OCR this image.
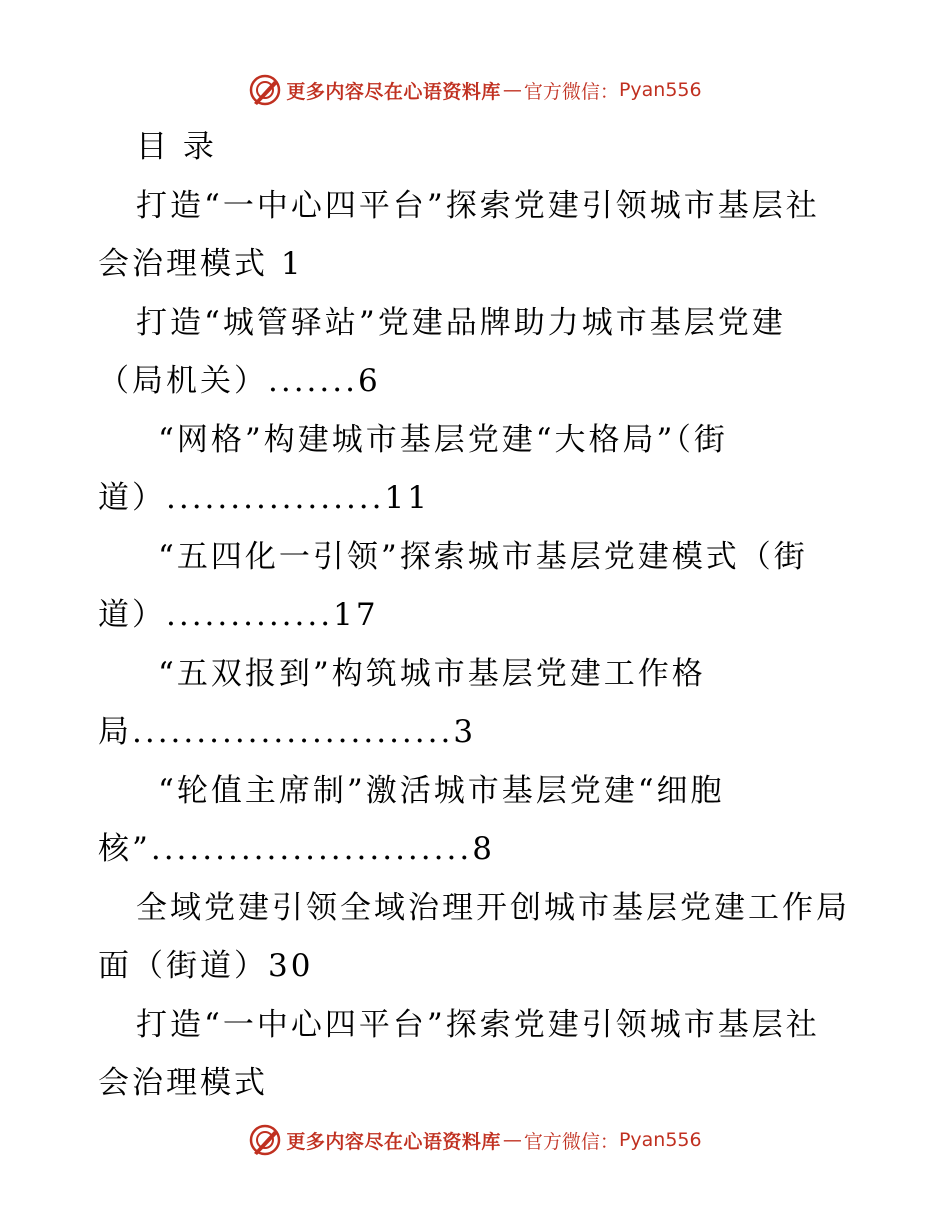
更多内容尽在心语资料库 — 官方微信： Pyan556
目 录
打造“一中心四平台”探索党建引领城市基层社
会治理模式 1
打造“城管驿站”党建品牌助力城市基层党建
（局机关）.......6
“网格”构建城市基层党建“大格局”（街
道）.................11
“五四化一引领”探索城市基层党建模式（街
道）.............17
“五双报到”构筑城市基层党建工作格
局.........................3
“轮值主席制”激活城市基层党建“细胞
核”.........................8
全域党建引领全域治理开创城市基层党建工作局
面（街道）30
打造“一中心四平台”探索党建引领城市基层社
会治理模式
更多内容尽在心语资料库 — 官方微信： Pyan556
